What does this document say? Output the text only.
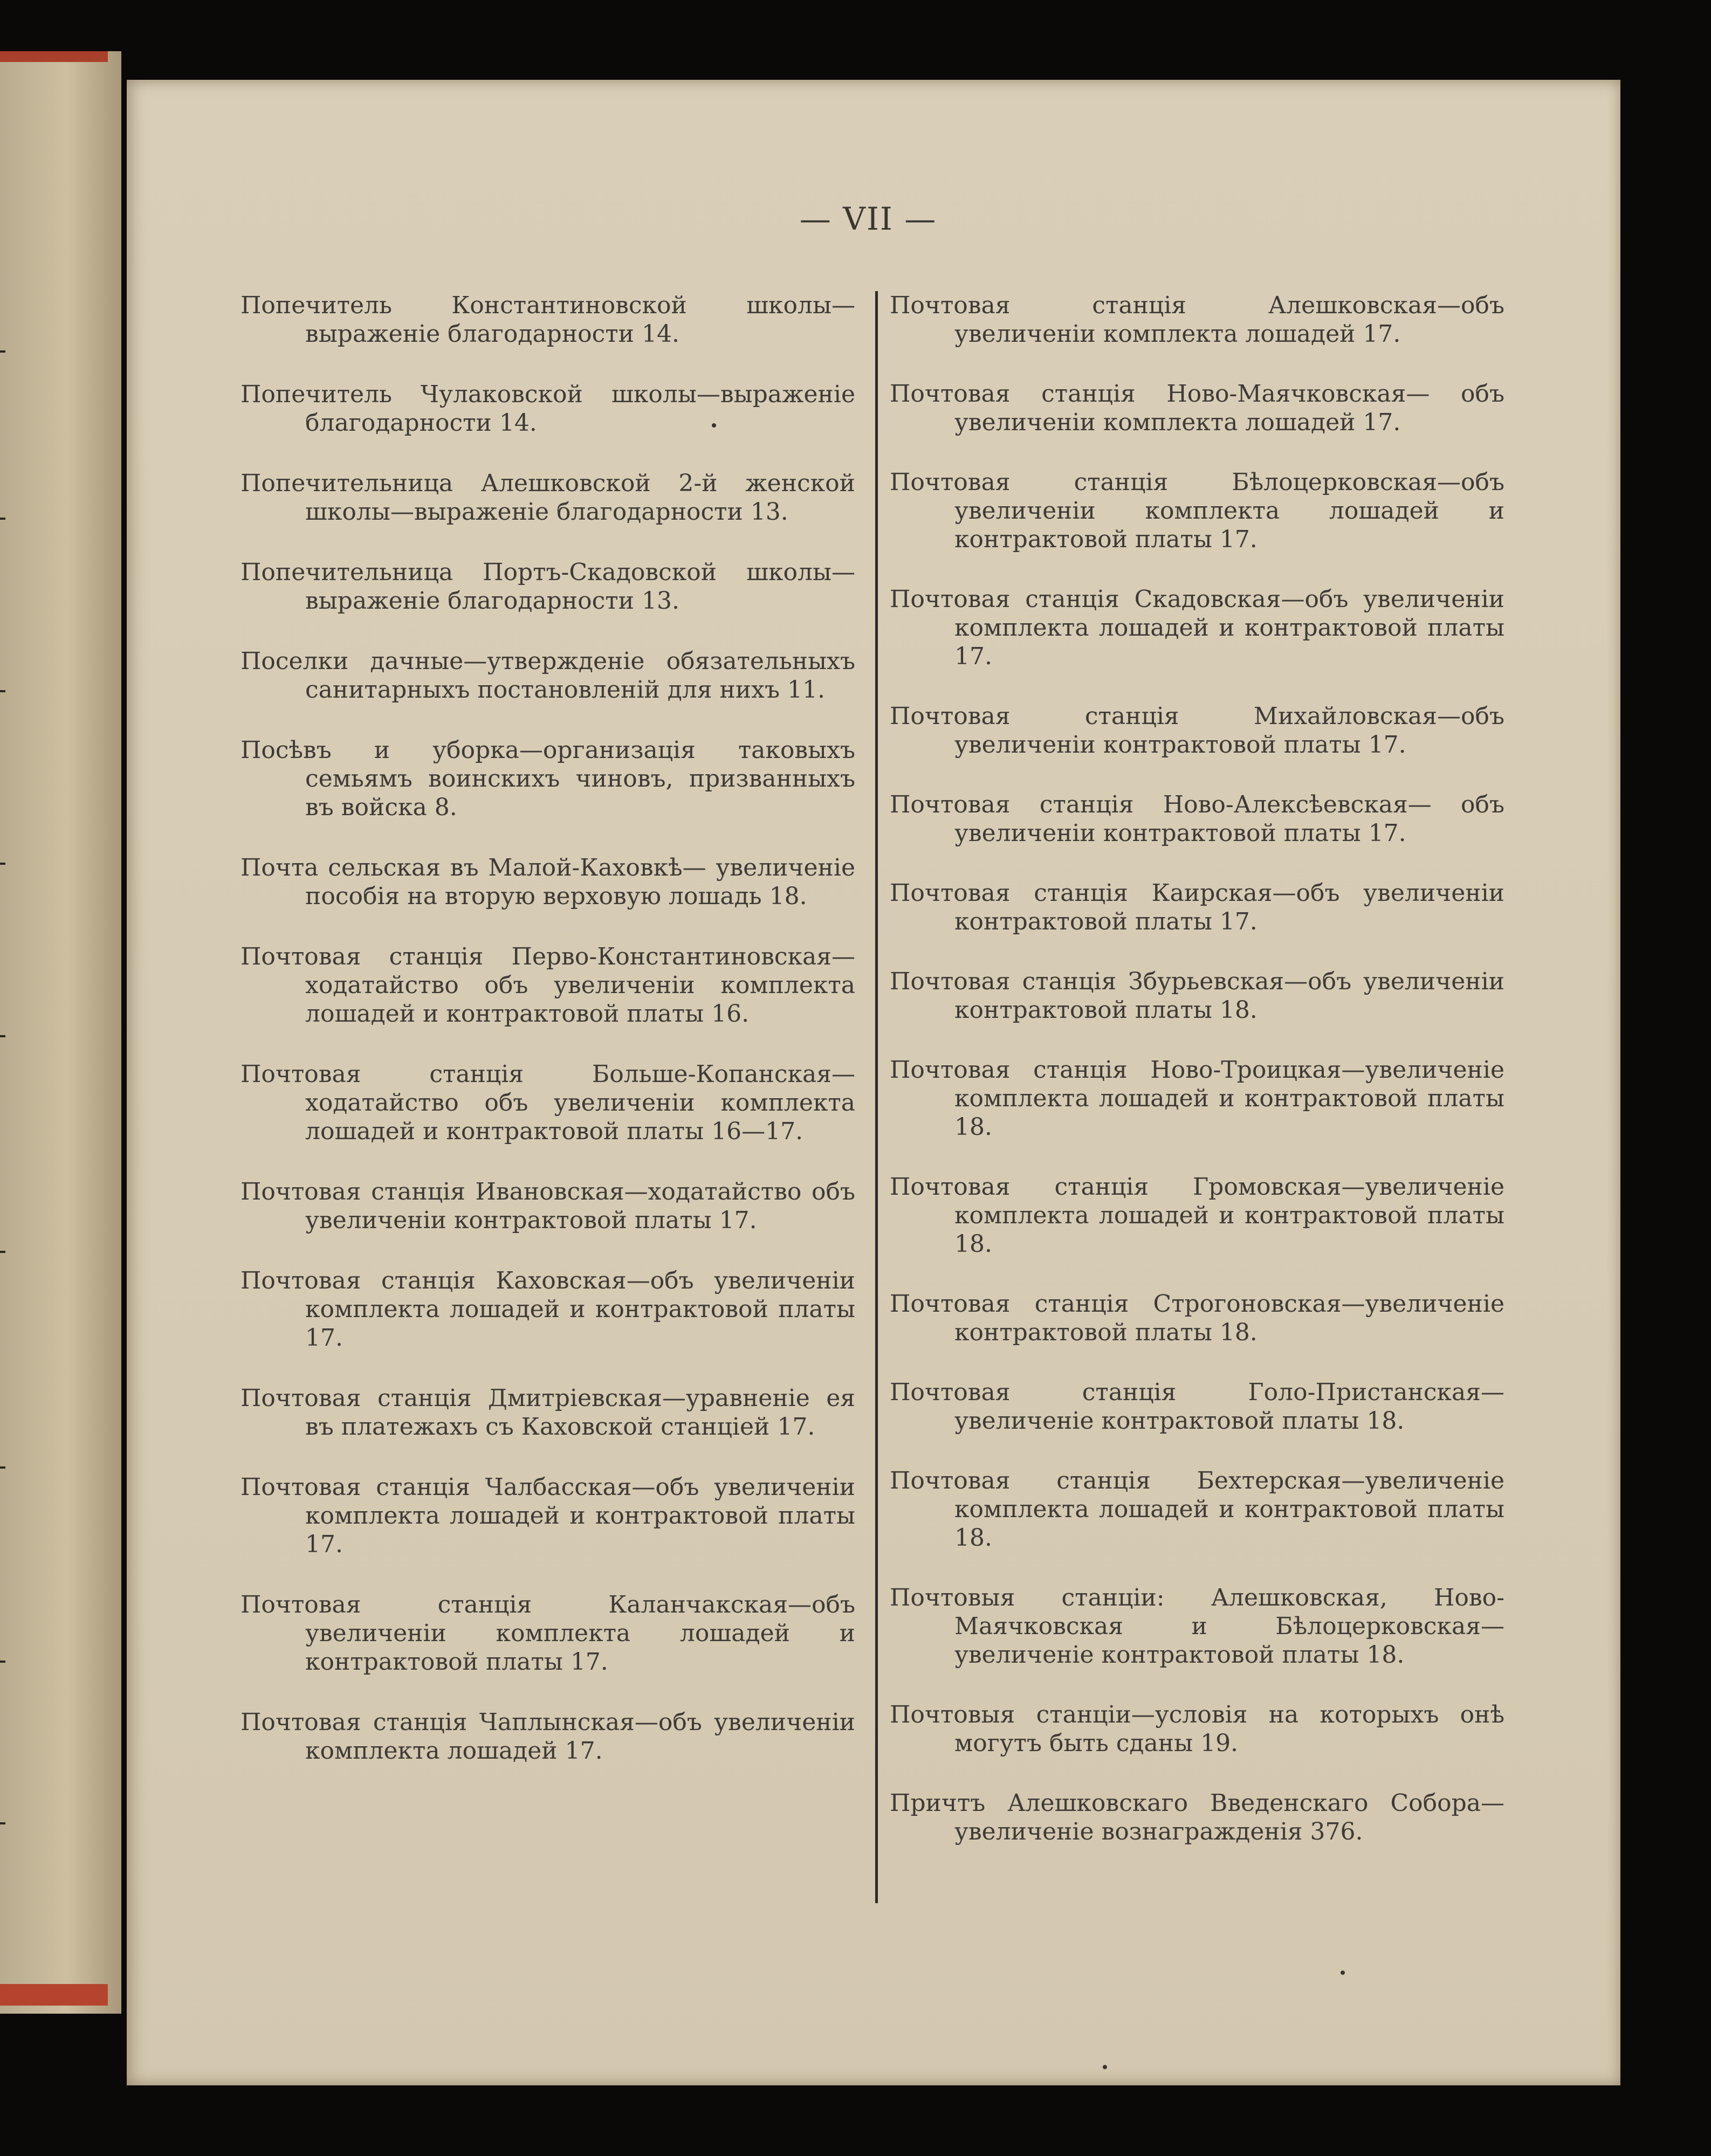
— VII —

Попечитель Константиновской школы— выраженіе благодарности 14.

Попечитель Чулаковской школы—выраженіе благодарности 14.

Попечительница Алешковской 2-й женской школы—выраженіе благодарности 13.

Попечительница Портъ-Скадовской школы—выраженіе благодарности 13.

Поселки дачные—утвержденіе обязательныхъ санитарныхъ постановленій для нихъ 11.

Посѣвъ и уборка—организація таковыхъ семьямъ воинскихъ чиновъ, призванныхъ въ войска 8.

Почта сельская въ Малой-Каховкѣ— увеличеніе пособія на вторую верховую лошадь 18.

Почтовая станція Перво-Константиновская—ходатайство объ увеличеніи комплекта лошадей и контрактовой платы 16.

Почтовая станція Больше-Копанская— ходатайство объ увеличеніи комплекта лошадей и контрактовой платы 16—17.

Почтовая станція Ивановская—ходатайство объ увеличеніи контрактовой платы 17.

Почтовая станція Каховская—объ увеличеніи комплекта лошадей и контрактовой платы 17.

Почтовая станція Дмитріевская—уравненіе ея въ платежахъ съ Каховской станціей 17.

Почтовая станція Чалбасская—объ увеличеніи комплекта лошадей и контрактовой платы 17.

Почтовая станція Каланчакская—объ увеличеніи комплекта лошадей и контрактовой платы 17.

Почтовая станція Чаплынская—объ увеличеніи комплекта лошадей 17.

Почтовая станція Алешковская—объ увеличеніи комплекта лошадей 17.

Почтовая станція Ново-Маячковская— объ увеличеніи комплекта лошадей 17.

Почтовая станція Бѣлоцерковская—объ увеличеніи комплекта лошадей и контрактовой платы 17.

Почтовая станція Скадовская—объ увеличеніи комплекта лошадей и контрактовой платы 17.

Почтовая станція Михайловская—объ увеличеніи контрактовой платы 17.

Почтовая станція Ново-Алексѣевская— объ увеличеніи контрактовой платы 17.

Почтовая станція Каирская—объ увеличеніи контрактовой платы 17.

Почтовая станція Збурьевская—объ увеличеніи контрактовой платы 18.

Почтовая станція Ново-Троицкая—увеличеніе комплекта лошадей и контрактовой платы 18.

Почтовая станція Громовская—увеличеніе комплекта лошадей и контрактовой платы 18.

Почтовая станція Строгоновская—увеличеніе контрактовой платы 18.

Почтовая станція Голо-Пристанская— увеличеніе контрактовой платы 18.

Почтовая станція Бехтерская—увеличеніе комплекта лошадей и контрактовой платы 18.

Почтовыя станціи: Алешковская, Ново-Маячковская и Бѣлоцерковская— увеличеніе контрактовой платы 18.

Почтовыя станціи—условія на которыхъ онѣ могутъ быть сданы 19.

Причтъ Алешковскаго Введенскаго Собора—увеличеніе вознагражденія 376.
